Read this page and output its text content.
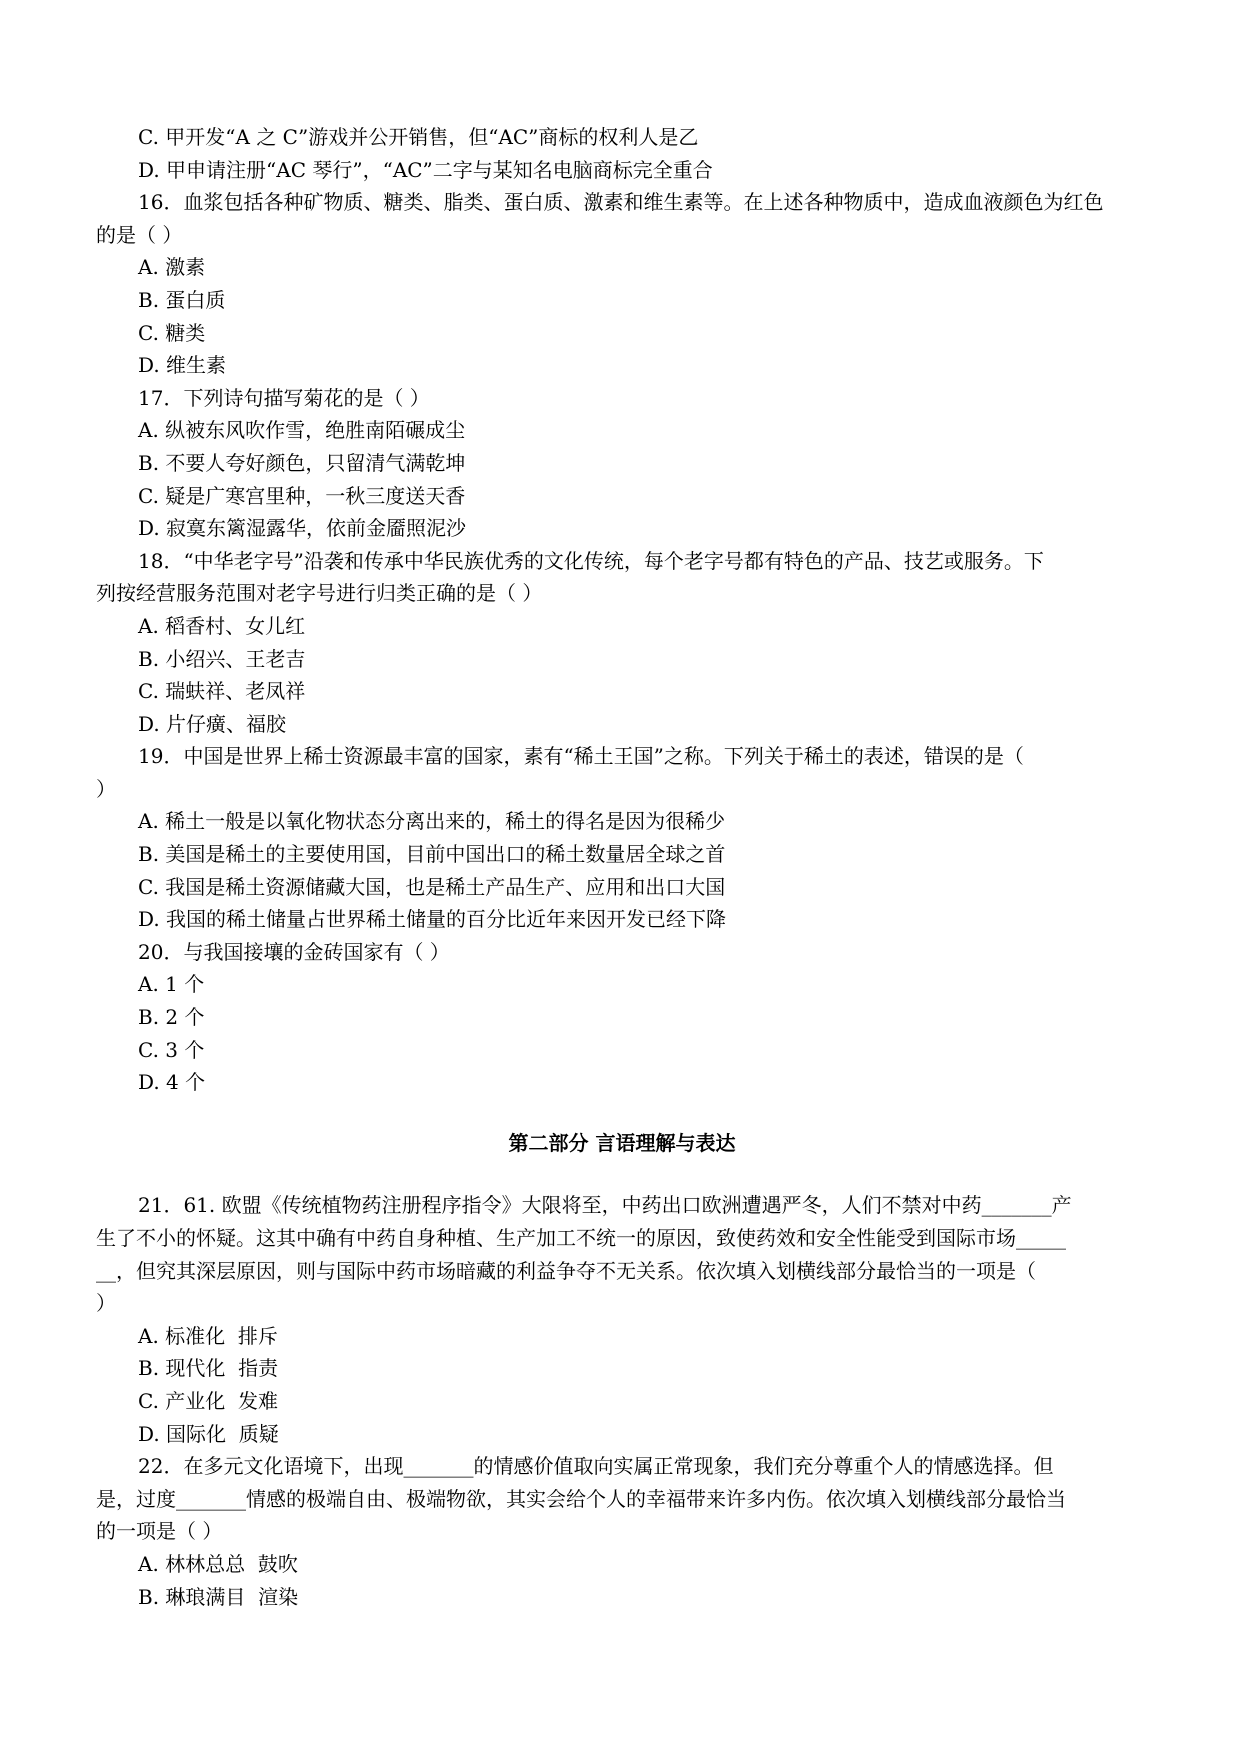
C. 甲开发“A 之 C”游戏并公开销售，但“AC”商标的权利人是乙
D. 甲申请注册“AC 琴行”，“AC”二字与某知名电脑商标完全重合
16．血浆包括各种矿物质、糖类、脂类、蛋白质、激素和维生素等。在上述各种物质中，造成血液颜色为红色
的是（ ）
A. 激素
B. 蛋白质
C. 糖类
D. 维生素
17．下列诗句描写菊花的是（ ）
A. 纵被东风吹作雪，绝胜南陌碾成尘
B. 不要人夸好颜色，只留清气满乾坤
C. 疑是广寒宫里种，一秋三度送天香
D. 寂寞东篱湿露华，依前金靥照泥沙
18．“中华老字号”沿袭和传承中华民族优秀的文化传统，每个老字号都有特色的产品、技艺或服务。下
列按经营服务范围对老字号进行归类正确的是（ ）
A. 稻香村、女儿红
B. 小绍兴、王老吉
C. 瑞蚨祥、老凤祥
D. 片仔癀、福胶
19．中国是世界上稀士资源最丰富的国家，素有“稀土王国”之称。下列关于稀土的表述，错误的是（
）
A. 稀土一般是以氧化物状态分离出来的，稀土的得名是因为很稀少
B. 美国是稀土的主要使用国，目前中国出口的稀土数量居全球之首
C. 我国是稀土资源储藏大国，也是稀土产品生产、应用和出口大国
D. 我国的稀土储量占世界稀土储量的百分比近年来因开发已经下降
20．与我国接壤的金砖国家有（ ）
A. 1 个
B. 2 个
C. 3 个
D. 4 个
第二部分 言语理解与表达
21．61. 欧盟《传统植物药注册程序指令》大限将至，中药出口欧洲遭遇严冬，人们不禁对中药_______产
生了不小的怀疑。这其中确有中药自身种植、生产加工不统一的原因，致使药效和安全性能受到国际市场_____
__，但究其深层原因，则与国际中药市场暗藏的利益争夺不无关系。依次填入划横线部分最恰当的一项是（
）
A. 标准化  排斥
B. 现代化  指责
C. 产业化  发难
D. 国际化  质疑
22．在多元文化语境下，出现_______的情感价值取向实属正常现象，我们充分尊重个人的情感选择。但
是，过度_______情感的极端自由、极端物欲，其实会给个人的幸福带来许多内伤。依次填入划横线部分最恰当
的一项是（ ）
A. 林林总总  鼓吹
B. 琳琅满目  渲染
